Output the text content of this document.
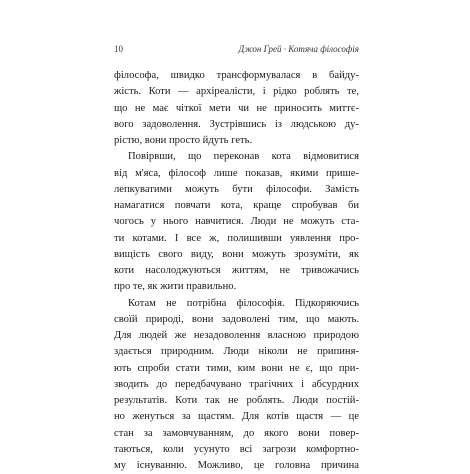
10	Джон Грей · Котяча філософія
філософа, швидко трансформувалася в байду-
жість. Коти — архіреалісти, і рідко роблять те,
що не має чіткої мети чи не приносить миттє-
вого задоволення. Зустрівшись із людською ду-
рістю, вони просто йдуть геть.
Повірвши, що переконав кота відмовитися
від м'яса, філософ лише показав, якими пришe-
лепкуватими можуть бути філософи. Замість
намагатися повчати кота, краще спробував би
чогось у нього навчитися. Люди не можуть ста-
ти котами. І все ж, полишивши уявлення про-
вищість свого виду, вони можуть зрозуміти, як
коти насолоджуються життям, не тривожачись
про те, як жити правильно.
Котам не потрібна філософія. Підкоряючись
своїй природі, вони задоволені тим, що мають.
Для людей же незадоволення власною природою
здається природним. Люди ніколи не припиня-
ють спроби стати тими, ким вони не є, що при-
зводить до передбачувано трагічних і абсурдних
результатів. Коти так не роблять. Люди постій-
но женуться за щастям. Для котів щастя — це
стан за замовчуванням, до якого вони повер-
таються, коли усунуто всі загрози комфортно-
му існуванню. Можливо, це головна причина
